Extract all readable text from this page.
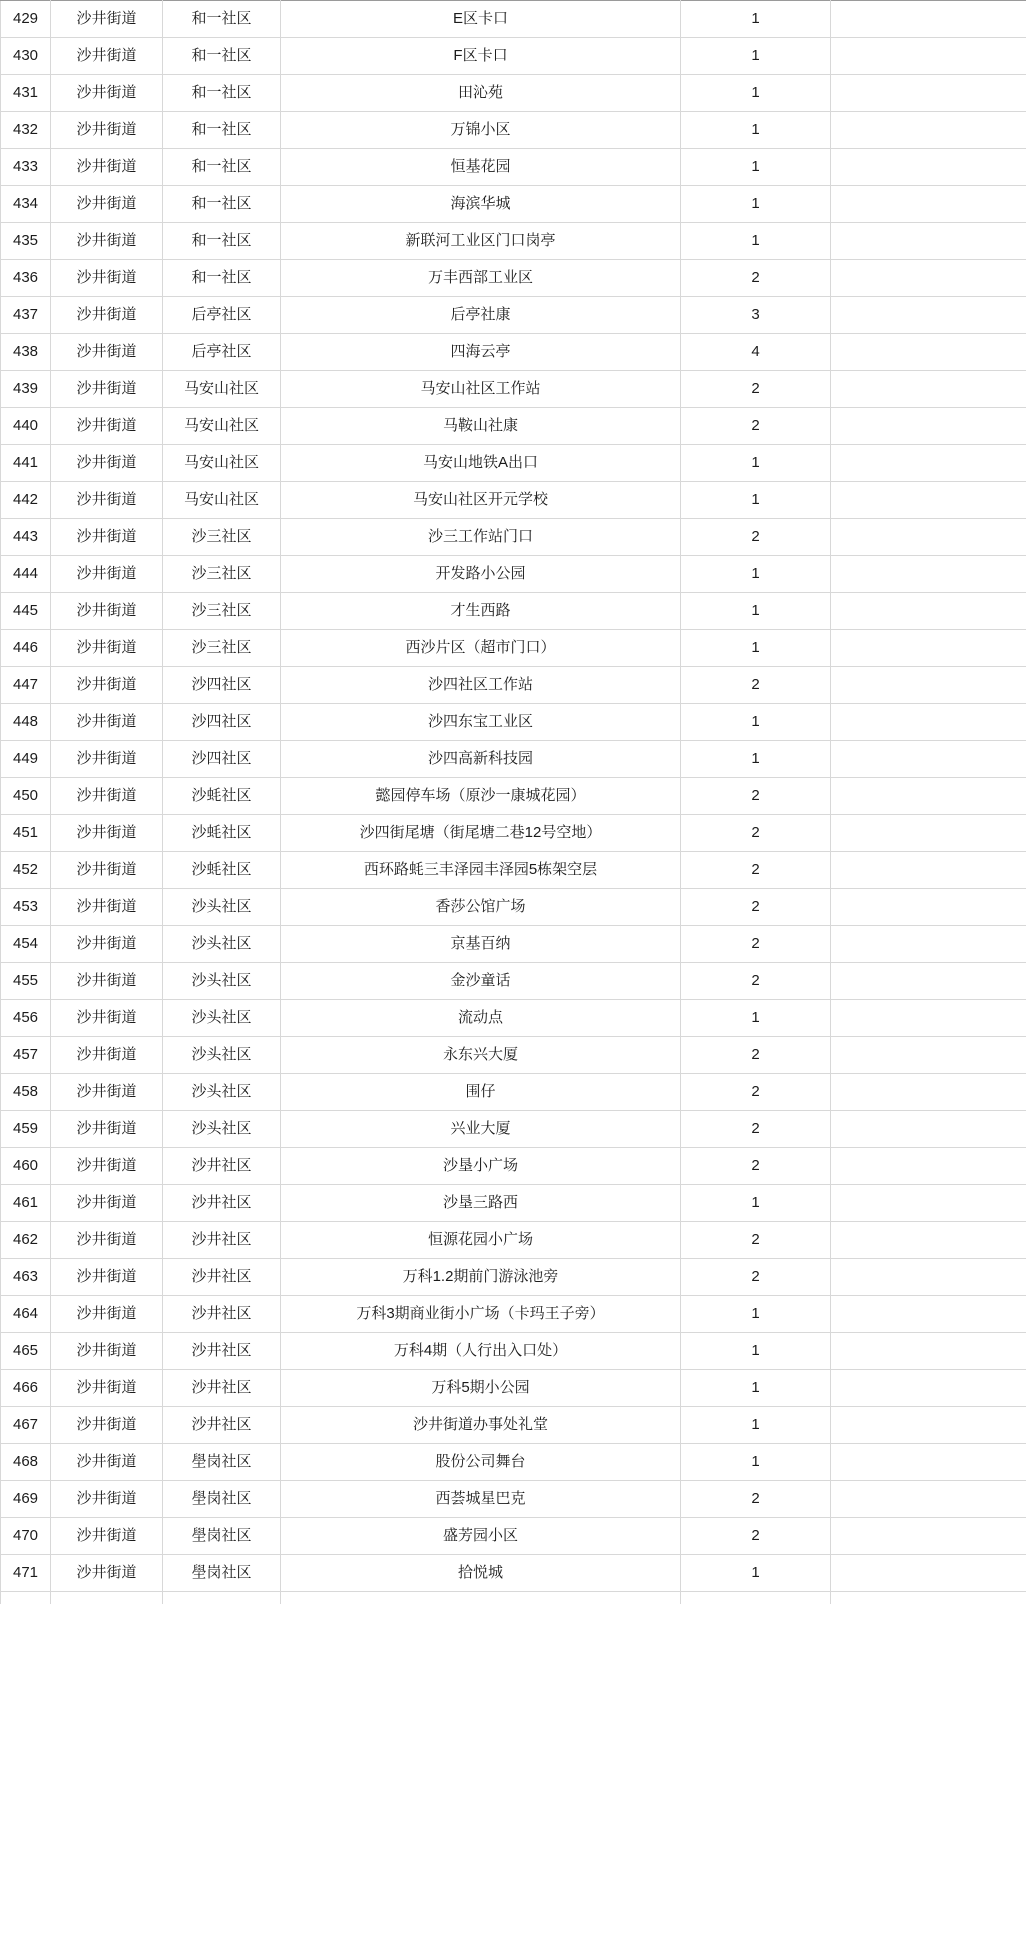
429	沙井街道	和一社区	E区卡口	1	
430	沙井街道	和一社区	F区卡口	1	
431	沙井街道	和一社区	田沁苑	1	
432	沙井街道	和一社区	万锦小区	1	
433	沙井街道	和一社区	恒基花园	1	
434	沙井街道	和一社区	海滨华城	1	
435	沙井街道	和一社区	新联河工业区门口岗亭	1	
436	沙井街道	和一社区	万丰西部工业区	2	
437	沙井街道	后亭社区	后亭社康	3	
438	沙井街道	后亭社区	四海云亭	4	
439	沙井街道	马安山社区	马安山社区工作站	2	
440	沙井街道	马安山社区	马鞍山社康	2	
441	沙井街道	马安山社区	马安山地铁A出口	1	
442	沙井街道	马安山社区	马安山社区开元学校	1	
443	沙井街道	沙三社区	沙三工作站门口	2	
444	沙井街道	沙三社区	开发路小公园	1	
445	沙井街道	沙三社区	才生西路	1	
446	沙井街道	沙三社区	西沙片区（超市门口）	1	
447	沙井街道	沙四社区	沙四社区工作站	2	
448	沙井街道	沙四社区	沙四东宝工业区	1	
449	沙井街道	沙四社区	沙四高新科技园	1	
450	沙井街道	沙蚝社区	懿园停车场（原沙一康城花园）	2	
451	沙井街道	沙蚝社区	沙四街尾塘（街尾塘二巷12号空地）	2	
452	沙井街道	沙蚝社区	西环路蚝三丰泽园丰泽园5栋架空层	2	
453	沙井街道	沙头社区	香莎公馆广场	2	
454	沙井街道	沙头社区	京基百纳	2	
455	沙井街道	沙头社区	金沙童话	2	
456	沙井街道	沙头社区	流动点	1	
457	沙井街道	沙头社区	永东兴大厦	2	
458	沙井街道	沙头社区	围仔	2	
459	沙井街道	沙头社区	兴业大厦	2	
460	沙井街道	沙井社区	沙垦小广场	2	
461	沙井街道	沙井社区	沙垦三路西	1	
462	沙井街道	沙井社区	恒源花园小广场	2	
463	沙井街道	沙井社区	万科1.2期前门游泳池旁	2	
464	沙井街道	沙井社区	万科3期商业街小广场（卡玛王子旁）	1	
465	沙井街道	沙井社区	万科4期（人行出入口处）	1	
466	沙井街道	沙井社区	万科5期小公园	1	
467	沙井街道	沙井社区	沙井街道办事处礼堂	1	
468	沙井街道	壆岗社区	股份公司舞台	1	
469	沙井街道	壆岗社区	西荟城星巴克	2	
470	沙井街道	壆岗社区	盛芳园小区	2	
471	沙井街道	壆岗社区	拾悦城	1	
